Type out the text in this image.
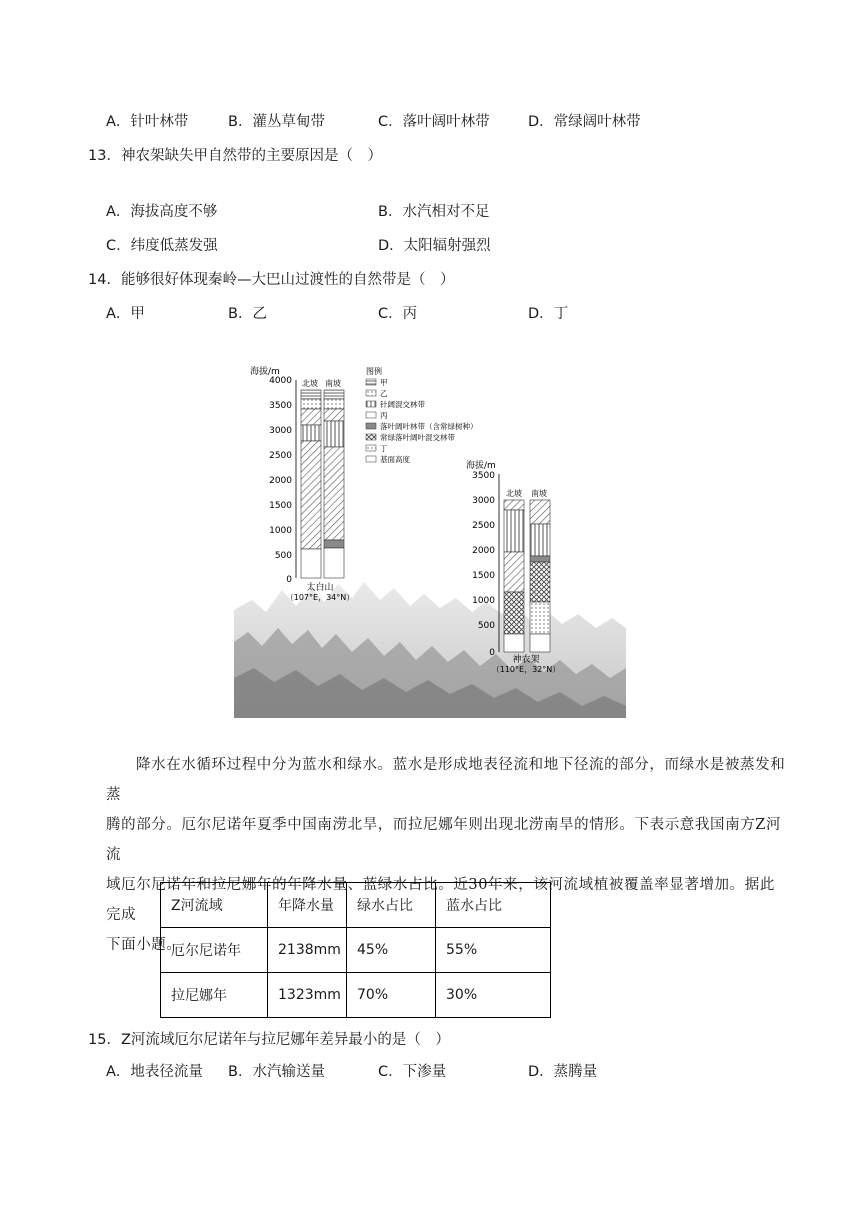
A．针叶林带	B．灌丛草甸带	C．落叶阔叶林带	D．常绿阔叶林带
13．神农架缺失甲自然带的主要原因是（　）
A．海拔高度不够	B．水汽相对不足
C．纬度低蒸发强	D．太阳辐射强烈
14．能够很好体现秦岭—大巴山过渡性的自然带是（　）
A．甲	B．乙	C．丙	D．丁
海拔/m
4000
3500
3000
2500
2000
1500
1000
500
0
北坡 南坡
太白山
（107°E，34°N）
图例
甲
乙
针阔混交林带
丙
落叶阔叶林带（含常绿树种）
常绿落叶阔叶混交林带
丁
基面高度
海拔/m
3500
3000
2500
2000
1500
1000
500
0
北坡 南坡
神农架
（110°E，32°N）
降水在水循环过程中分为蓝水和绿水。蓝水是形成地表径流和地下径流的部分，而绿水是被蒸发和蒸
腾的部分。厄尔尼诺年夏季中国南涝北旱，而拉尼娜年则出现北涝南旱的情形。下表示意我国南方Z河流
域厄尔尼诺年和拉尼娜年的年降水量、蓝绿水占比。近30年来，该河流域植被覆盖率显著增加。据此完成
下面小题。
Z河流域	年降水量	绿水占比	蓝水占比
厄尔尼诺年	2138mm	45%	55%
拉尼娜年	1323mm	70%	30%
15．Z河流域厄尔尼诺年与拉尼娜年差异最小的是（　）
A．地表径流量 B．水汽输送量	C．下渗量	D．蒸腾量
